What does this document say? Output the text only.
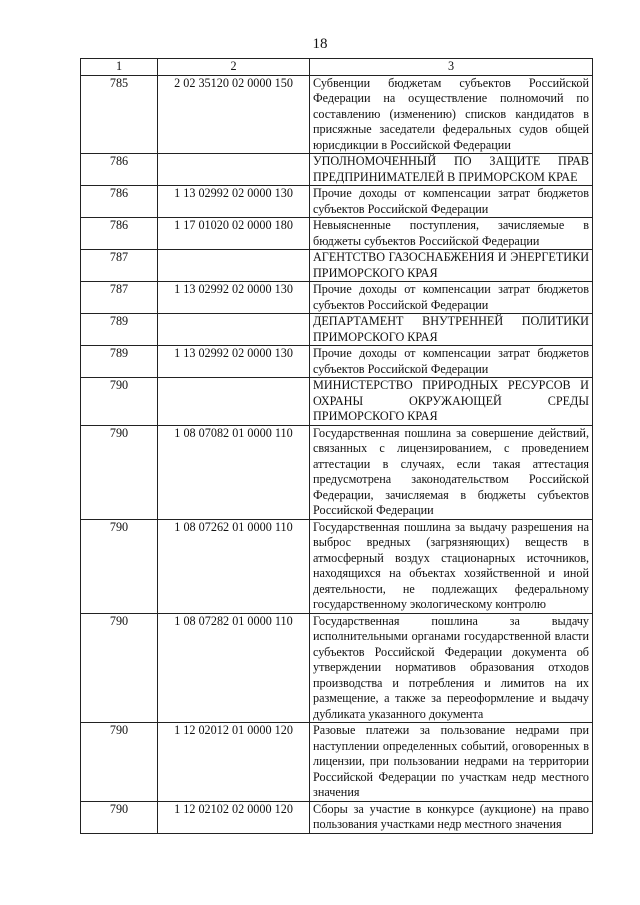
18
1	2	3
785	2 02 35120 02 0000 150	Субвенции бюджетам субъектов Российской Федерации на осуществление полномочий по составлению (изменению) списков кандидатов в присяжные заседатели федеральных судов общей юрисдикции в Российской Федерации
786		УПОЛНОМОЧЕННЫЙ ПО ЗАЩИТЕ ПРАВ ПРЕДПРИНИМАТЕЛЕЙ В ПРИМОРСКОМ КРАЕ
786	1 13 02992 02 0000 130	Прочие доходы от компенсации затрат бюджетов субъектов Российской Федерации
786	1 17 01020 02 0000 180	Невыясненные поступления, зачисляемые в бюджеты субъектов Российской Федерации
787		АГЕНТСТВО ГАЗОСНАБЖЕНИЯ И ЭНЕРГЕТИКИ ПРИМОРСКОГО КРАЯ
787	1 13 02992 02 0000 130	Прочие доходы от компенсации затрат бюджетов субъектов Российской Федерации
789		ДЕПАРТАМЕНТ ВНУТРЕННЕЙ ПОЛИТИКИ ПРИМОРСКОГО КРАЯ
789	1 13 02992 02 0000 130	Прочие доходы от компенсации затрат бюджетов субъектов Российской Федерации
790		МИНИСТЕРСТВО ПРИРОДНЫХ РЕСУРСОВ И ОХРАНЫ ОКРУЖАЮЩЕЙ СРЕДЫ ПРИМОРСКОГО КРАЯ
790	1 08 07082 01 0000 110	Государственная пошлина за совершение действий, связанных с лицензированием, с проведением аттестации в случаях, если такая аттестация предусмотрена законодательством Российской Федерации, зачисляемая в бюджеты субъектов Российской Федерации
790	1 08 07262 01 0000 110	Государственная пошлина за выдачу разрешения на выброс вредных (загрязняющих) веществ в атмосферный воздух стационарных источников, находящихся на объектах хозяйственной и иной деятельности, не подлежащих федеральному государственному экологическому контролю
790	1 08 07282 01 0000 110	Государственная пошлина за выдачу исполнительными органами государственной власти субъектов Российской Федерации документа об утверждении нормативов образования отходов производства и потребления и лимитов на их размещение, а также за переоформление и выдачу дубликата указанного документа
790	1 12 02012 01 0000 120	Разовые платежи за пользование недрами при наступлении определенных событий, оговоренных в лицензии, при пользовании недрами на территории Российской Федерации по участкам недр местного значения
790	1 12 02102 02 0000 120	Сборы за участие в конкурсе (аукционе) на право пользования участками недр местного значения
